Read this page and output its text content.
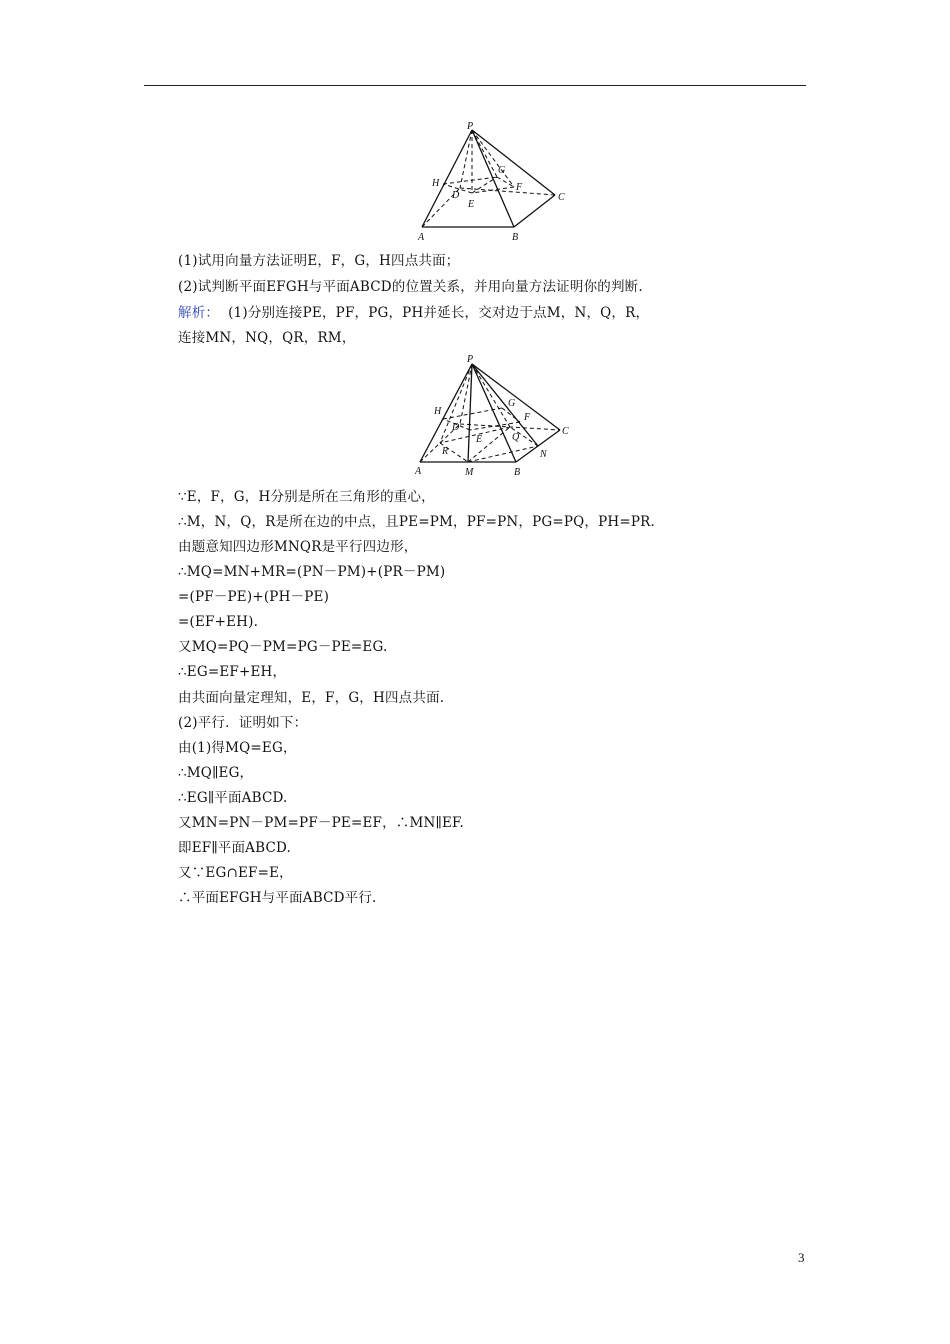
P
G
H
D
F
E
C
A	B
(1)试用向量方法证明E，F，G，H四点共面；
(2)试判断平面EFGH与平面ABCD的位置关系，并用向量方法证明你的判断.
解析： (1)分别连接PE，PF，PG，PH并延长，交对边于点M，N，Q，R，
连接MN，NQ，QR，RM，
P
G
H
F
D
E	Q
C
R	N
A	M	B
∵E，F，G，H分别是所在三角形的重心，
∴M，N，Q，R是所在边的中点，且PE=PM，PF=PN，PG=PQ，PH=PR.
由题意知四边形MNQR是平行四边形，
∴MQ=MN+MR=(PN－PM)+(PR－PM)
=(PF－PE)+(PH－PE)
=(EF+EH).
又MQ=PQ－PM=PG－PE=EG.
∴EG=EF+EH，
由共面向量定理知，E，F，G，H四点共面.
(2)平行．证明如下：
由(1)得MQ=EG，
∴MQ∥EG，
∴EG∥平面ABCD.
又MN=PN－PM=PF－PE=EF，∴MN∥EF.
即EF∥平面ABCD.
又∵EG∩EF=E，
∴平面EFGH与平面ABCD平行.
3
